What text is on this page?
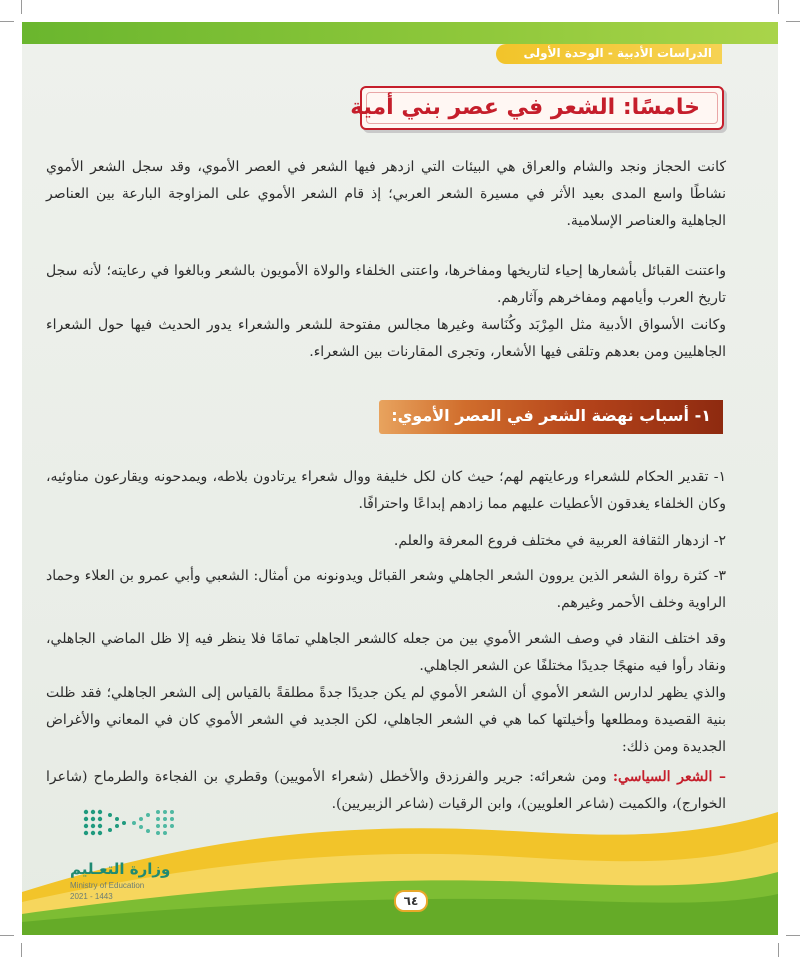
الدراسات الأدبية - الوحدة الأولى
خامسًا: الشعر في عصر بني أمية

كانت الحجاز ونجد والشام والعراق هي البيئات التي ازدهر فيها الشعر في العصر الأموي، وقد سجل الشعر الأموي نشاطًا واسع المدى بعيد الأثر في مسيرة الشعر العربي؛ إذ قام الشعر الأموي على المزاوجة البارعة بين العناصر الجاهلية والعناصر الإسلامية.

واعتنت القبائل بأشعارها إحياء لتاريخها ومفاخرها، واعتنى الخلفاء والولاة الأمويون بالشعر وبالغوا في رعايته؛ لأنه سجل تاريخ العرب وأيامهم ومفاخرهم وآثارهم.

وكانت الأسواق الأدبية مثل المِرْبَد وكُنَاسة وغيرها مجالس مفتوحة للشعر والشعراء يدور الحديث فيها حول الشعراء الجاهليين ومن بعدهم وتلقى فيها الأشعار، وتجرى المقارنات بين الشعراء.

١- أسباب نهضة الشعر في العصر الأموي:

١- تقدير الحكام للشعراء ورعايتهم لهم؛ حيث كان لكل خليفة ووال شعراء يرتادون بلاطه، ويمدحونه ويقارعون مناوئيه، وكان الخلفاء يغدقون الأعطيات عليهم مما زادهم إبداعًا واحترافًا.

٢- ازدهار الثقافة العربية في مختلف فروع المعرفة والعلم.

٣- كثرة رواة الشعر الذين يروون الشعر الجاهلي وشعر القبائل ويدونونه من أمثال: الشعبي وأبي عمرو بن العلاء وحماد الراوية وخلف الأحمر وغيرهم.

وقد اختلف النقاد في وصف الشعر الأموي بين من جعله كالشعر الجاهلي تمامًا فلا ينظر فيه إلا ظل الماضي الجاهلي، ونقاد رأوا فيه منهجًا جديدًا مختلفًا عن الشعر الجاهلي.

والذي يظهر لدارس الشعر الأموي أن الشعر الأموي لم يكن جديدًا جدةً مطلقةً بالقياس إلى الشعر الجاهلي؛ فقد ظلت بنية القصيدة ومطلعها وأخيلتها كما هي في الشعر الجاهلي، لكن الجديد في الشعر الأموي كان في المعاني والأغراض الجديدة ومن ذلك:

– الشعر السياسي: ومن شعرائه: جرير والفرزدق والأخطل (شعراء الأمويين) وقطري بن الفجاءة والطرماح (شاعرا الخوارج)، والكميت (شاعر العلويين)، وابن الرقيات (شاعر الزبيريين).

وزارة التعـليم
Ministry of Education
2021 - 1443	٦٤
